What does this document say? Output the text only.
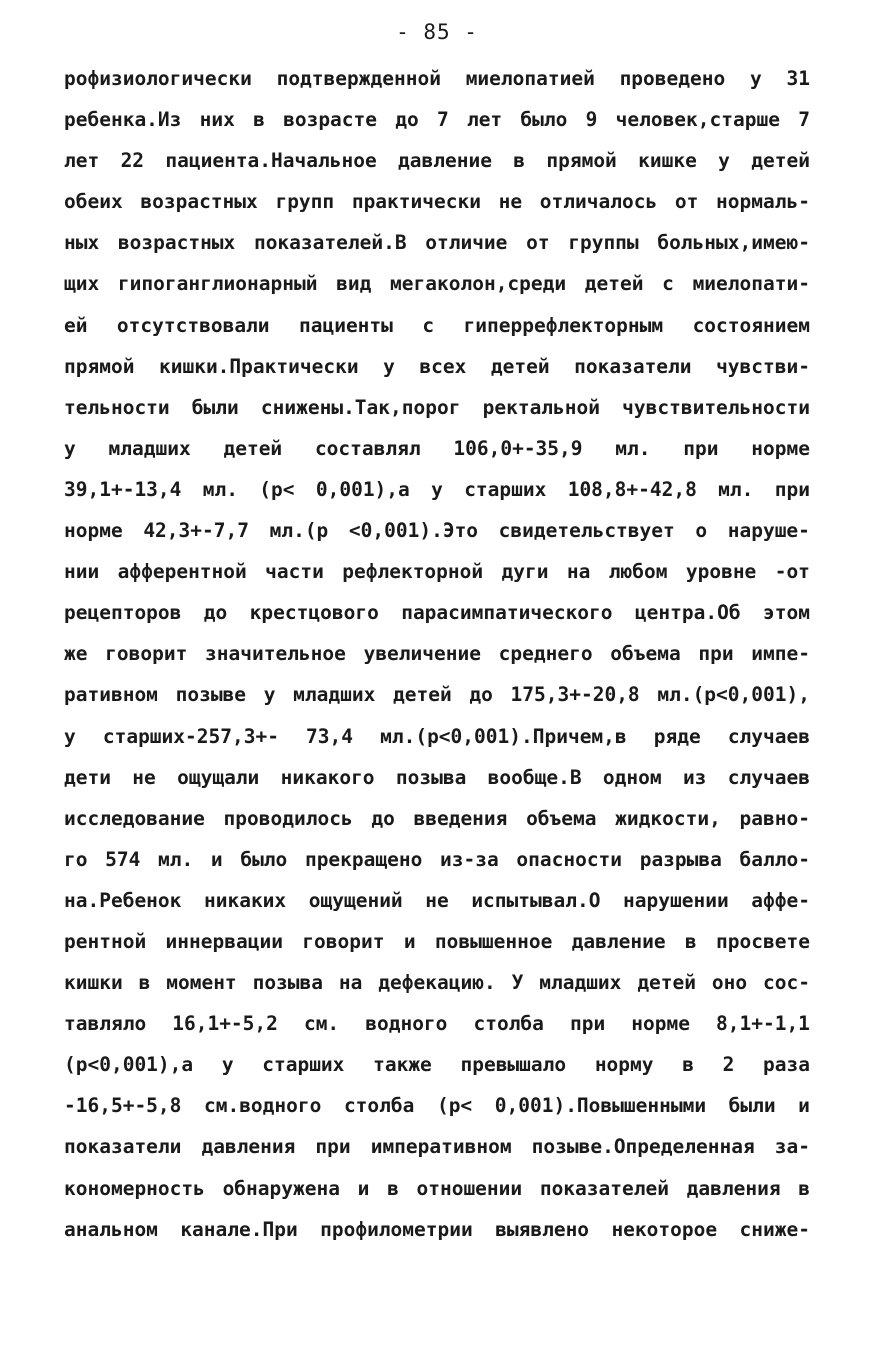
- 85 -
рофизиологически подтвержденной миелопатией проведено у 31
ребенка.Из них в возрасте до 7 лет было 9 человек,старше 7
лет 22 пациента.Начальное давление в прямой кишке у детей
обеих возрастных групп практически не отличалось от нормаль-
ных возрастных показателей.В отличие от группы больных,имею-
щих гипоганглионарный вид мегаколон,среди детей с миелопати-
ей отсутствовали пациенты с гиперрефлекторным состоянием
прямой кишки.Практически у всех детей показатели чувстви-
тельности были снижены.Так,порог ректальной чувствительности
у младших детей составлял 106,0+-35,9 мл. при норме
39,1+-13,4 мл. (р< 0,001),а у старших 108,8+-42,8 мл. при
норме 42,3+-7,7 мл.(р <0,001).Это свидетельствует о наруше-
нии афферентной части рефлекторной дуги на любом уровне -от
рецепторов до крестцового парасимпатического центра.Об этом
же говорит значительное увеличение среднего объема при импе-
ративном позыве у младших детей до 175,3+-20,8 мл.(р<0,001),
у старших-257,3+- 73,4 мл.(р<0,001).Причем,в ряде случаев
дети не ощущали никакого позыва вообще.В одном из случаев
исследование проводилось до введения объема жидкости, равно-
го 574 мл. и было прекращено из-за опасности разрыва балло-
на.Ребенок никаких ощущений не испытывал.О нарушении аффе-
рентной иннервации говорит и повышенное давление в просвете
кишки в момент позыва на дефекацию. У младших детей оно сос-
тавляло 16,1+-5,2 см. водного столба при норме 8,1+-1,1
(р<0,001),а у старших также превышало норму в 2 раза
-16,5+-5,8 см.водного столба (р< 0,001).Повышенными были и
показатели давления при императивном позыве.Определенная за-
кономерность обнаружена и в отношении показателей давления в
анальном канале.При профилометрии выявлено некоторое сниже-
